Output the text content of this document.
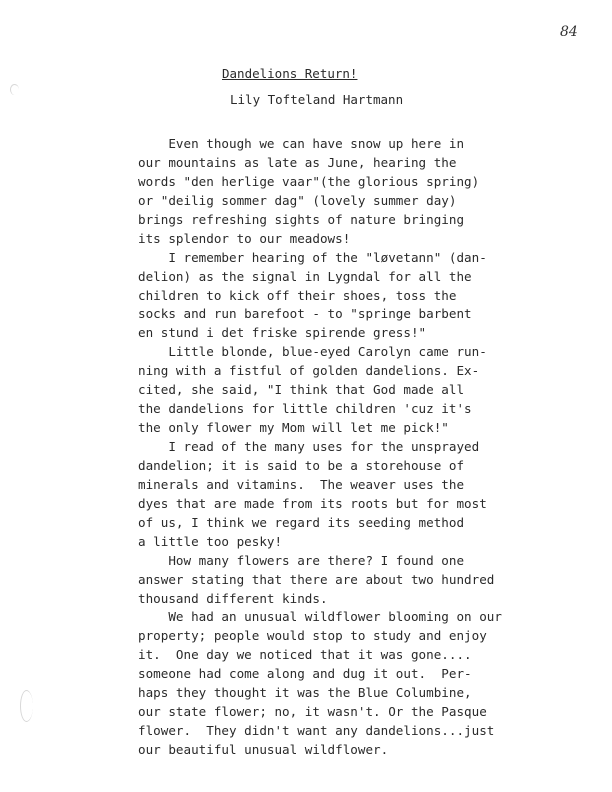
84
Dandelions Return!
Lily Tofteland Hartmann
Even though we can have snow up here in
our mountains as late as June, hearing the
words "den herlige vaar"(the glorious spring)
or "deilig sommer dag" (lovely summer day)
brings refreshing sights of nature bringing
its splendor to our meadows!
I remember hearing of the "løvetann" (dan-
delion) as the signal in Lygndal for all the
children to kick off their shoes, toss the
socks and run barefoot - to "springe barbent
en stund i det friske spirende gress!"
Little blonde, blue-eyed Carolyn came run-
ning with a fistful of golden dandelions. Ex-
cited, she said, "I think that God made all
the dandelions for little children 'cuz it's
the only flower my Mom will let me pick!"
I read of the many uses for the unsprayed
dandelion; it is said to be a storehouse of
minerals and vitamins.  The weaver uses the
dyes that are made from its roots but for most
of us, I think we regard its seeding method
a little too pesky!
How many flowers are there? I found one
answer stating that there are about two hundred
thousand different kinds.
We had an unusual wildflower blooming on our
property; people would stop to study and enjoy
it.  One day we noticed that it was gone....
someone had come along and dug it out.  Per-
haps they thought it was the Blue Columbine,
our state flower; no, it wasn't. Or the Pasque
flower.  They didn't want any dandelions...just
our beautiful unusual wildflower.
